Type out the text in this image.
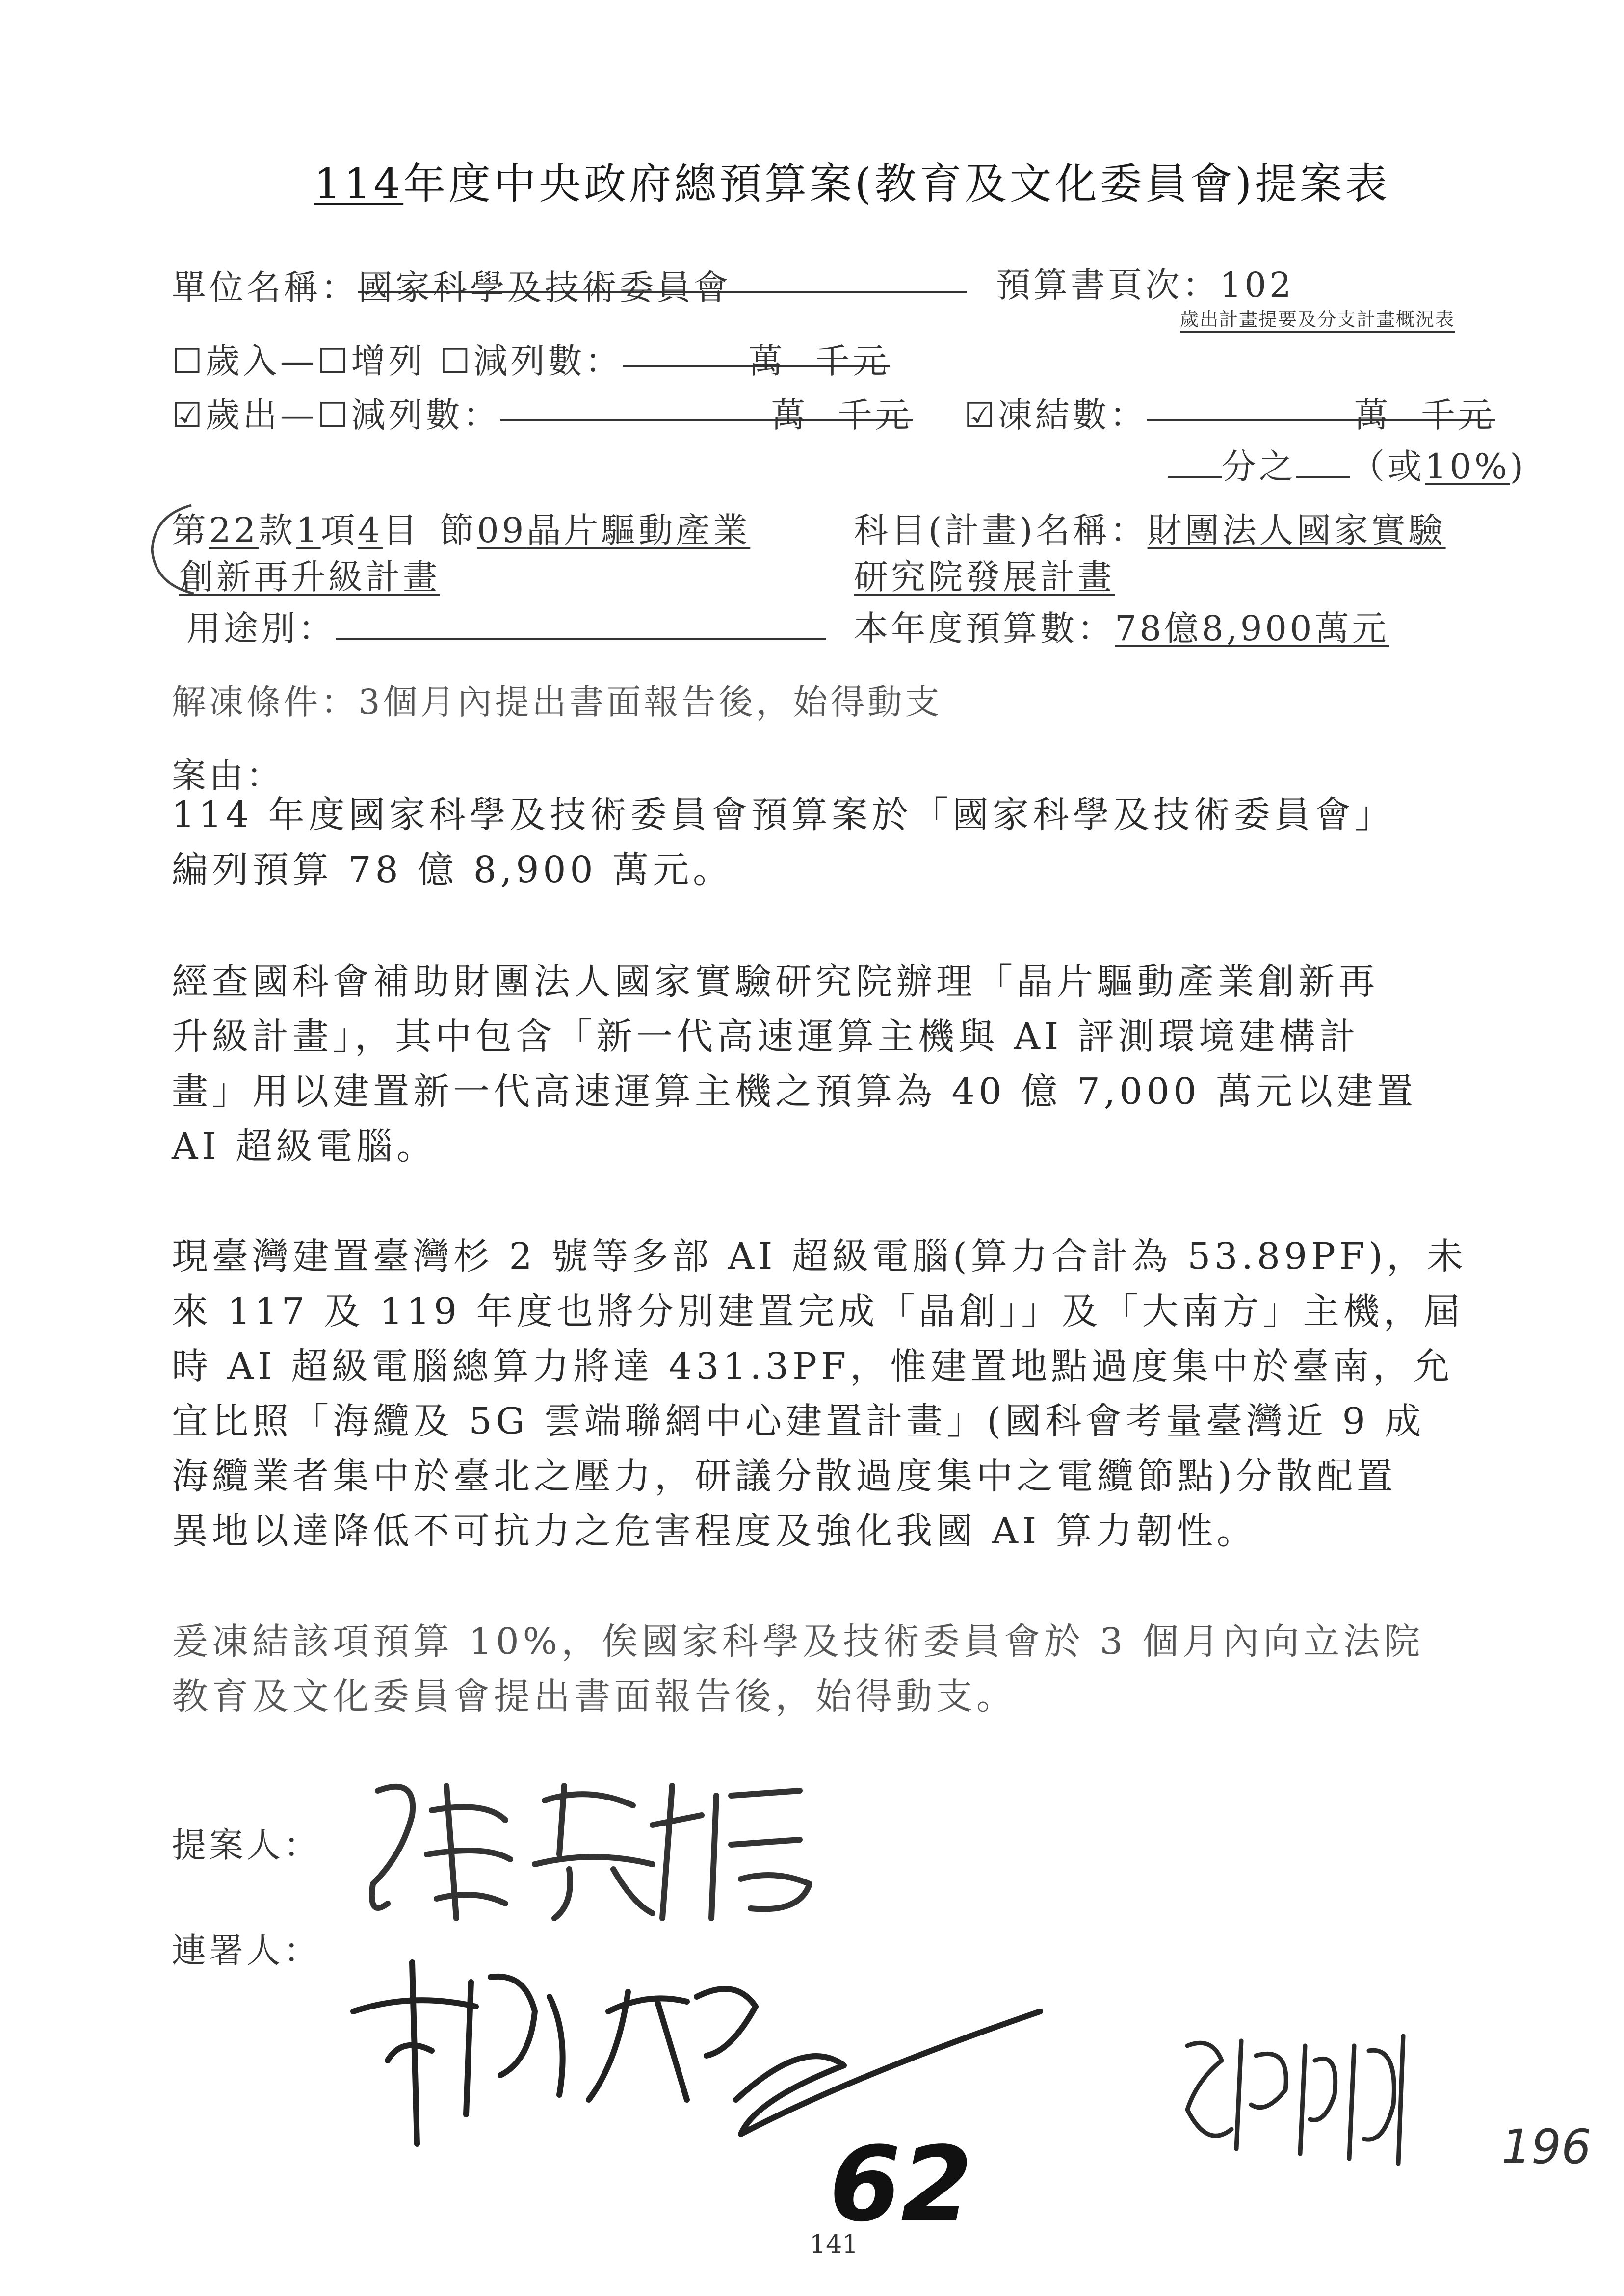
114年度中央政府總預算案(教育及文化委員會)提案表
單位名稱：國家科學及技術委員會	預算書頁次：102
歲出計畫提要及分支計畫概況表
☐歲入—☐增列 ☐減列數：	萬 千元
☑歲出—☐減列數：	萬 千元 ☑凍結數：	萬 千元
分之 （或10%)
第22款1項4目 節09晶片驅動產業
創新再升級計畫
科目(計畫)名稱：財團法人國家實驗
研究院發展計畫
用途別：	本年度預算數：78億8,900萬元
解凍條件：3個月內提出書面報告後，始得動支
案由：
114 年度國家科學及技術委員會預算案於「國家科學及技術委員會」
編列預算 78 億 8,900 萬元。
經查國科會補助財團法人國家實驗研究院辦理「晶片驅動產業創新再
升級計畫」，其中包含「新一代高速運算主機與 AI 評測環境建構計
畫」用以建置新一代高速運算主機之預算為 40 億 7,000 萬元以建置
AI 超級電腦。
現臺灣建置臺灣杉 2 號等多部 AI 超級電腦(算力合計為 53.89PF)，未
來 117 及 119 年度也將分別建置完成「晶創」」及「大南方」主機，屆
時 AI 超級電腦總算力將達 431.3PF，惟建置地點過度集中於臺南，允
宜比照「海纜及 5G 雲端聯網中心建置計畫」(國科會考量臺灣近 9 成
海纜業者集中於臺北之壓力，研議分散過度集中之電纜節點)分散配置
異地以達降低不可抗力之危害程度及強化我國 AI 算力韌性。
爰凍結該項預算 10%，俟國家科學及技術委員會於 3 個月內向立法院
教育及文化委員會提出書面報告後，始得動支。
提案人：
連署人：
62	196
141
